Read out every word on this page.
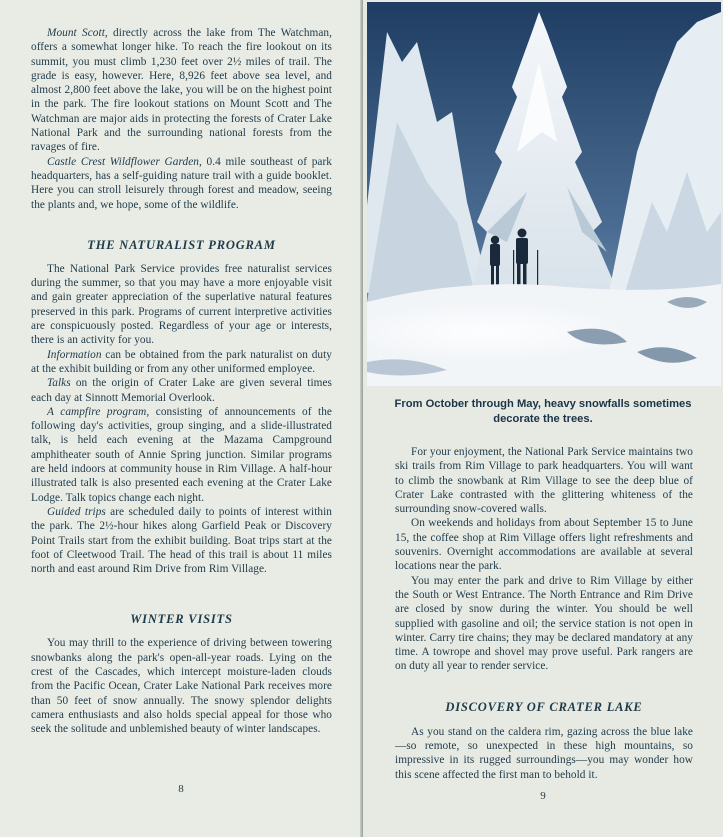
Mount Scott, directly across the lake from The Watchman, offers a somewhat longer hike. To reach the fire lookout on its summit, you must climb 1,230 feet over 2½ miles of trail. The grade is easy, however. Here, 8,926 feet above sea level, and almost 2,800 feet above the lake, you will be on the highest point in the park. The fire lookout stations on Mount Scott and The Watchman are major aids in protecting the forests of Crater Lake National Park and the surrounding national forests from the ravages of fire.

Castle Crest Wildflower Garden, 0.4 mile southeast of park headquarters, has a self-guiding nature trail with a guide booklet. Here you can stroll leisurely through forest and meadow, seeing the plants and, we hope, some of the wildlife.

THE NATURALIST PROGRAM

The National Park Service provides free naturalist services during the summer, so that you may have a more enjoyable visit and gain greater appreciation of the superlative natural features preserved in this park. Programs of current interpretive activities are conspicuously posted. Regardless of your age or interests, there is an activity for you.

Information can be obtained from the park naturalist on duty at the exhibit building or from any other uniformed employee.

Talks on the origin of Crater Lake are given several times each day at Sinnott Memorial Overlook.

A campfire program, consisting of announcements of the following day's activities, group singing, and a slide-illustrated talk, is held each evening at the Mazama Campground amphitheater south of Annie Spring junction. Similar programs are held indoors at community house in Rim Village. A half-hour illustrated talk is also presented each evening at the Crater Lake Lodge. Talk topics change each night.

Guided trips are scheduled daily to points of interest within the park. The 2½-hour hikes along Garfield Peak or Discovery Point Trails start from the exhibit building. Boat trips start at the foot of Cleetwood Trail. The head of this trail is about 11 miles north and east around Rim Drive from Rim Village.

WINTER VISITS

You may thrill to the experience of driving between towering snowbanks along the park's open-all-year roads. Lying on the crest of the Cascades, which intercept moisture-laden clouds from the Pacific Ocean, Crater Lake National Park receives more than 50 feet of snow annually. The snowy splendor delights camera enthusiasts and also holds special appeal for those who seek the solitude and unblemished beauty of winter landscapes.

8
From October through May, heavy snowfalls sometimes decorate the trees.

For your enjoyment, the National Park Service maintains two ski trails from Rim Village to park headquarters. You will want to climb the snowbank at Rim Village to see the deep blue of Crater Lake contrasted with the glittering whiteness of the surrounding snow-covered walls.

On weekends and holidays from about September 15 to June 15, the coffee shop at Rim Village offers light refreshments and souvenirs. Overnight accommodations are available at several locations near the park.

You may enter the park and drive to Rim Village by either the South or West Entrance. The North Entrance and Rim Drive are closed by snow during the winter. You should be well supplied with gasoline and oil; the service station is not open in winter. Carry tire chains; they may be declared mandatory at any time. A towrope and shovel may prove useful. Park rangers are on duty all year to render service.

DISCOVERY OF CRATER LAKE

As you stand on the caldera rim, gazing across the blue lake—so remote, so unexpected in these high mountains, so impressive in its rugged surroundings—you may wonder how this scene affected the first man to behold it.

9
